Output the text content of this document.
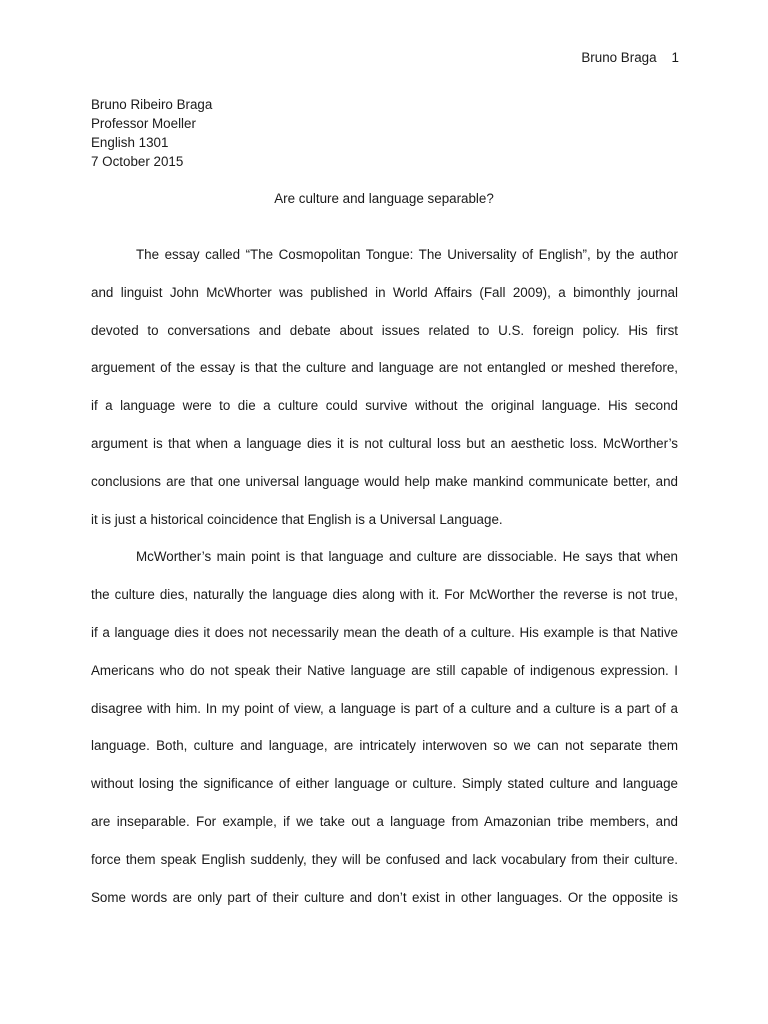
Bruno Braga 1
Bruno Ribeiro Braga
Professor Moeller
English 1301
7 October 2015
Are culture and language separable?
The essay called “The Cosmopolitan Tongue: The Universality of English”, by the author
and linguist John McWhorter was published in World Affairs (Fall 2009), a bimonthly journal
devoted to conversations and debate about issues related to U.S. foreign policy. His first
arguement of the essay is that the culture and language are not entangled or meshed therefore,
if a language were to die a culture could survive without the original language. His second
argument is that when a language dies it is not cultural loss but an aesthetic loss. McWorther’s
conclusions are that one universal language would help make mankind communicate better, and
it is just a historical coincidence that English is a Universal Language.
McWorther’s main point is that language and culture are dissociable. He says that when
the culture dies, naturally the language dies along with it. For McWorther the reverse is not true,
if a language dies it does not necessarily mean the death of a culture. His example is that Native
Americans who do not speak their Native language are still capable of indigenous expression. I
disagree with him. In my point of view, a language is part of a culture and a culture is a part of a
language. Both, culture and language, are intricately interwoven so we can not separate them
without losing the significance of either language or culture. Simply stated culture and language
are inseparable. For example, if we take out a language from Amazonian tribe members, and
force them speak English suddenly, they will be confused and lack vocabulary from their culture.
Some words are only part of their culture and don’t exist in other languages. Or the opposite is
